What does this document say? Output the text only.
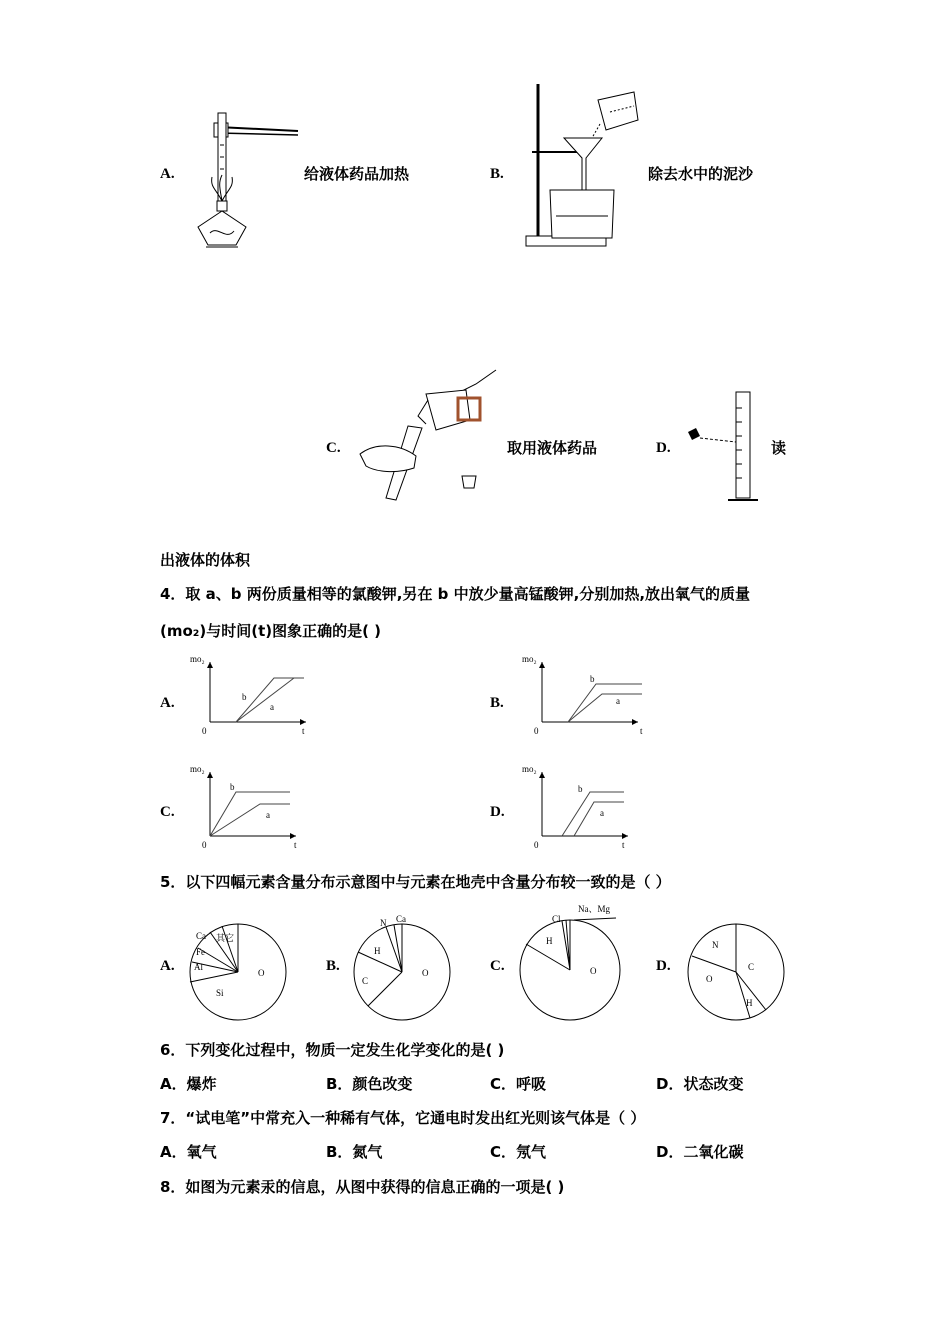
A.	给液体药品加热	B.	除去水中的泥沙
C.	取用液体药品	D.	读
出液体的体积
4．取 a、b 两份质量相等的氯酸钾,另在 b 中放少量高锰酸钾,分别加热,放出氧气的质量
(mo₂)与时间(t)图象正确的是( )
A.
mo₂
t
0
b
a	B.
mo₂
t
0
b
a
C.
mo₂
t
0
b
a	D.
mo₂
t
0
b
a
5．以下四幅元素含量分布示意图中与元素在地壳中含量分布较一致的是（ ）
A.
Ca 其它
Fe
Al
Si
O	B.
N Ca
H
C
O	C.
Cl
Na、Mg
H
O	D.
N
O
C
H
6．下列变化过程中，物质一定发生化学变化的是( )
A．爆炸	B．颜色改变	C．呼吸	D．状态改变
7．“试电笔”中常充入一种稀有气体，它通电时发出红光则该气体是（ ）
A．氧气	B．氮气	C．氖气	D．二氧化碳
8．如图为元素汞的信息，从图中获得的信息正确的一项是( )
